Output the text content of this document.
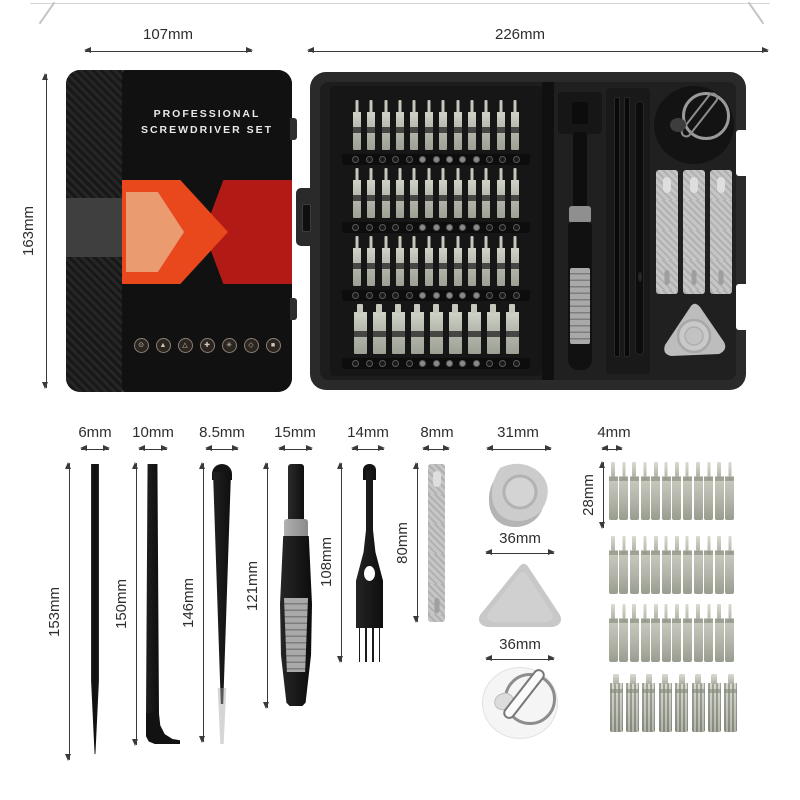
107mm	226mm
163mm
PROFESSIONAL
SCREWDRIVER SET
⊙	▲	△	✚	✳	◇	■
6mm
153mm
10mm
150mm
8.5mm
146mm
15mm
121mm
14mm
108mm
8mm
80mm
31mm
36mm
36mm
4mm
28mm
